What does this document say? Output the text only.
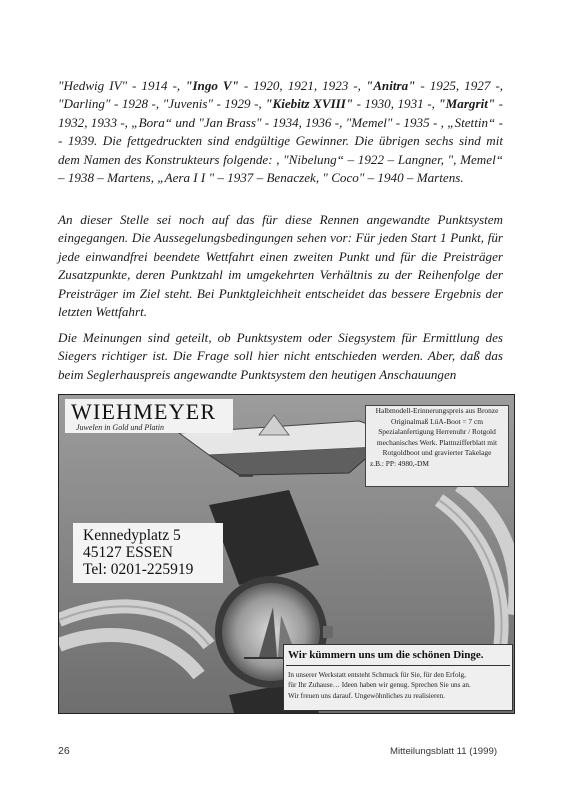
"Hedwig IV" - 1914 -, "Ingo V" - 1920, 1921, 1923 -, "Anitra" - 1925, 1927 -, "Darling" - 1928 -, "Juvenis" - 1929 -, "Kiebitz XVIII" - 1930, 1931 -, "Margrit" - 1932, 1933 -, „Bora“ und "Jan Brass" - 1934, 1936 -, "Memel" - 1935 - , „Stettin“ -- 1939. Die fettgedruckten sind endgültige Gewinner. Die übrigen sechs sind mit dem Namen des Konstrukteurs folgende: , "Nibelung“ – 1922 – Langner, ", Memel“ – 1938 – Martens, „Aera I I " – 1937 – Benaczek, " Coco" – 1940 – Martens.
An dieser Stelle sei noch auf das für diese Rennen angewandte Punktsystem eingegangen. Die Aussegelungsbedingungen sehen vor: Für jeden Start 1 Punkt, für jede einwandfrei beendete Wettfahrt einen zweiten Punkt und für die Preisträger Zusatzpunkte, deren Punktzahl im umgekehrten Verhältnis zu der Reihenfolge der Preisträger im Ziel steht. Bei Punktgleichheit entscheidet das bessere Ergebnis der letzten Wettfahrt.
Die Meinungen sind geteilt, ob Punktsystem oder Siegsystem für Ermittlung des Siegers richtiger ist. Die Frage soll hier nicht entschieden werden. Aber, daß das beim Seglerhauspreis angewandte Punktsystem den heutigen Anschauungen
WIEHMEYER
Juwelen in Gold und Platin
Halbmodell-Erinnerungspreis aus Bronze
Originalmaß LüA-Boot = 7 cm
Spezialanfertigung Herrenuhr / Rotgold
mechanisches Werk. Plattnzifferblatt mit
Rotgoldboot und gravierter Takelage
z.B.: PP: 4980,-DM
Kennedyplatz 5
45127 ESSEN
Tel: 0201-225919
Wir kümmern uns um die schönen Dinge.
In unserer Werkstatt entsteht Schmuck für Sie, für den Erfolg,
für Ihr Zuhause… Ideen haben wir genug. Sprechen Sie uns an.
Wir freuen uns darauf. Ungewöhnliches zu realisieren.
26	Mitteilungsblatt 11 (1999)
